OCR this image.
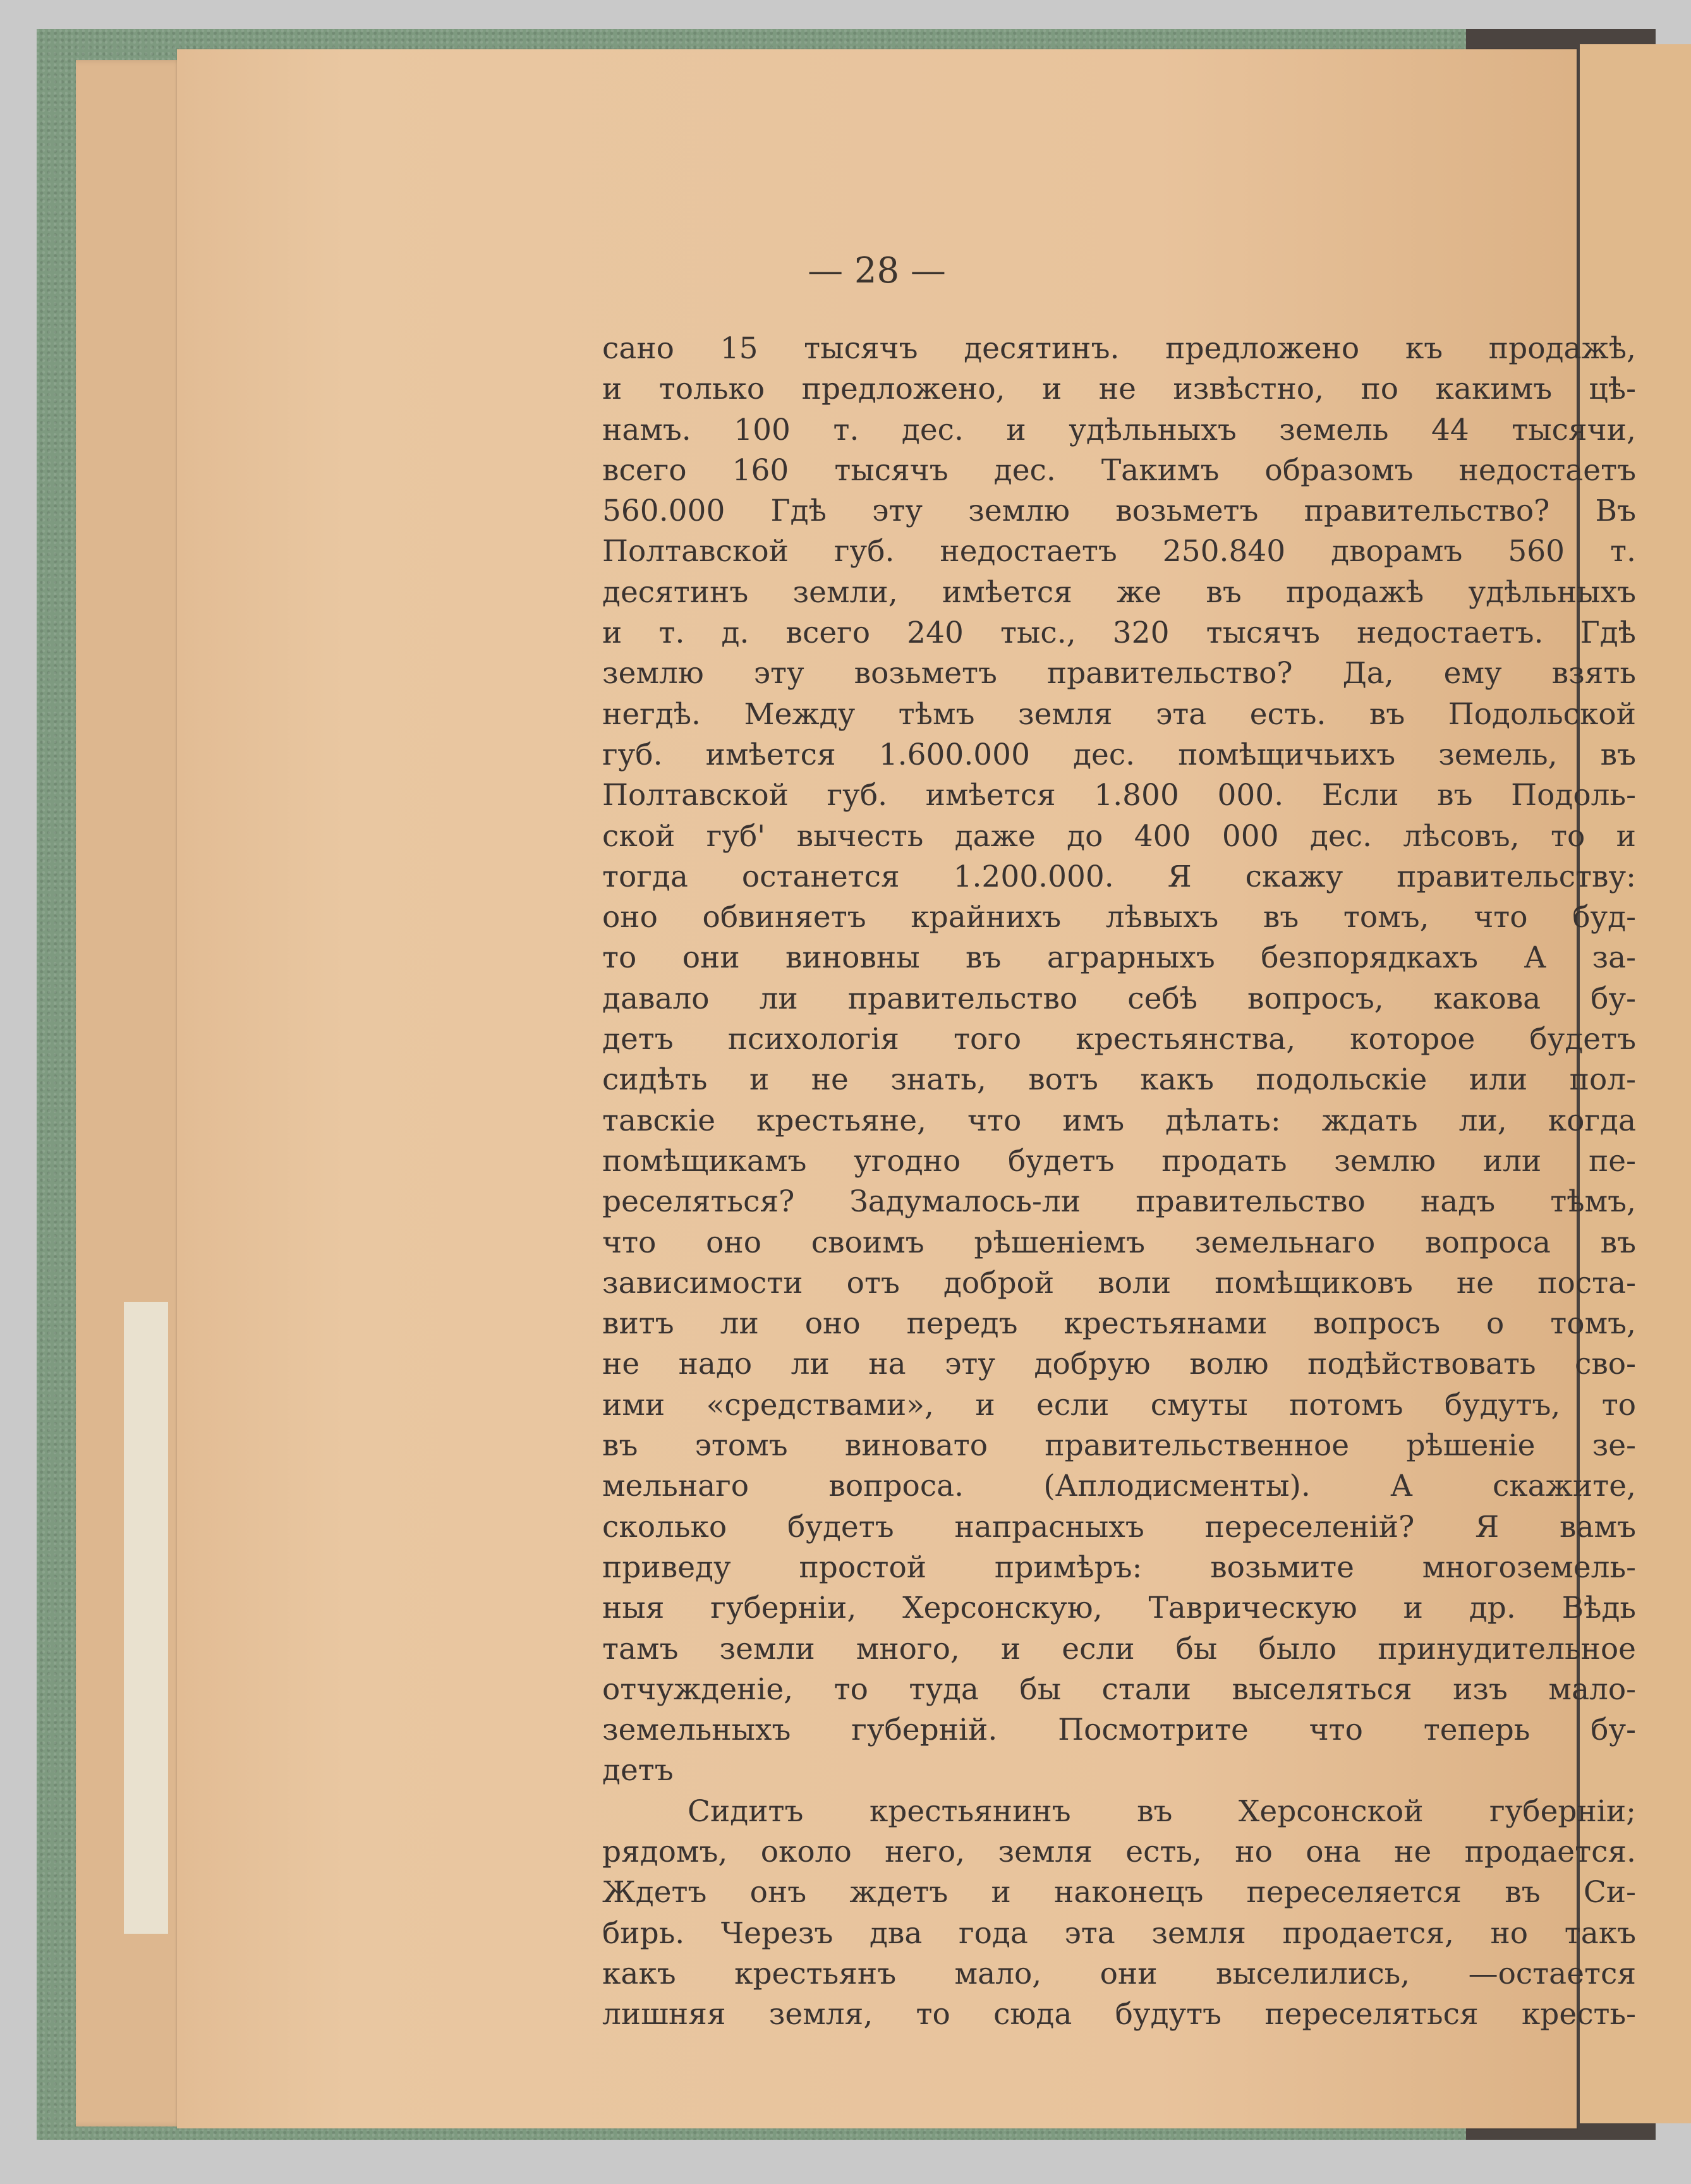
— 28 —
сано 15 тысячъ десятинъ. предложено къ продажѣ,
и только предложено, и не извѣстно, по какимъ цѣ-
намъ. 100 т. дес. и удѣльныхъ земель 44 тысячи,
всего 160 тысячъ дес. Такимъ образомъ недостаетъ
560.000 Гдѣ эту землю возьметъ правительство? Въ
Полтавской губ. недостаетъ 250.840 дворамъ 560 т.
десятинъ земли, имѣется же въ продажѣ удѣльныхъ
и т. д. всего 240 тыс., 320 тысячъ недостаетъ. Гдѣ
землю эту возьметъ правительство? Да, ему взять
негдѣ. Между тѣмъ земля эта есть. въ Подольской
губ. имѣется 1.600.000 дес. помѣщичьихъ земель, въ
Полтавской губ. имѣется 1.800 000. Если въ Подоль-
ской губ' вычесть даже до 400 000 дес. лѣсовъ, то и
тогда останется 1.200.000. Я скажу правительству:
оно обвиняетъ крайнихъ лѣвыхъ въ томъ, что буд-
то они виновны въ аграрныхъ безпорядкахъ А за-
давало ли правительство себѣ вопросъ, какова бу-
детъ психологія того крестьянства, которое будетъ
сидѣть и не знать, вотъ какъ подольскіе или пол-
тавскіе крестьяне, что имъ дѣлать: ждать ли, когда
помѣщикамъ угодно будетъ продать землю или пе-
реселяться? Задумалось-ли правительство надъ тѣмъ,
что оно своимъ рѣшеніемъ земельнаго вопроса въ
зависимости отъ доброй воли помѣщиковъ не поста-
витъ ли оно передъ крестьянами вопросъ о томъ,
не надо ли на эту добрую волю подѣйствовать сво-
ими «средствами», и если смуты потомъ будутъ, то
въ этомъ виновато правительственное рѣшеніе зе-
мельнаго вопроса. (Аплодисменты). А скажите,
сколько будетъ напрасныхъ переселеній? Я вамъ
приведу простой примѣръ: возьмите многоземель-
ныя губерніи, Херсонскую, Таврическую и др. Вѣдь
тамъ земли много, и если бы было принудительное
отчужденіе, то туда бы стали выселяться изъ мало-
земельныхъ губерній. Посмотрите что теперь бу-
детъ
Сидитъ крестьянинъ въ Херсонской губерніи;
рядомъ, около него, земля есть, но она не продается.
Ждетъ онъ ждетъ и наконецъ переселяется въ Си-
бирь. Черезъ два года эта земля продается, но такъ
какъ крестьянъ мало, они выселились, —остается
лишняя земля, то сюда будутъ переселяться кресть-
